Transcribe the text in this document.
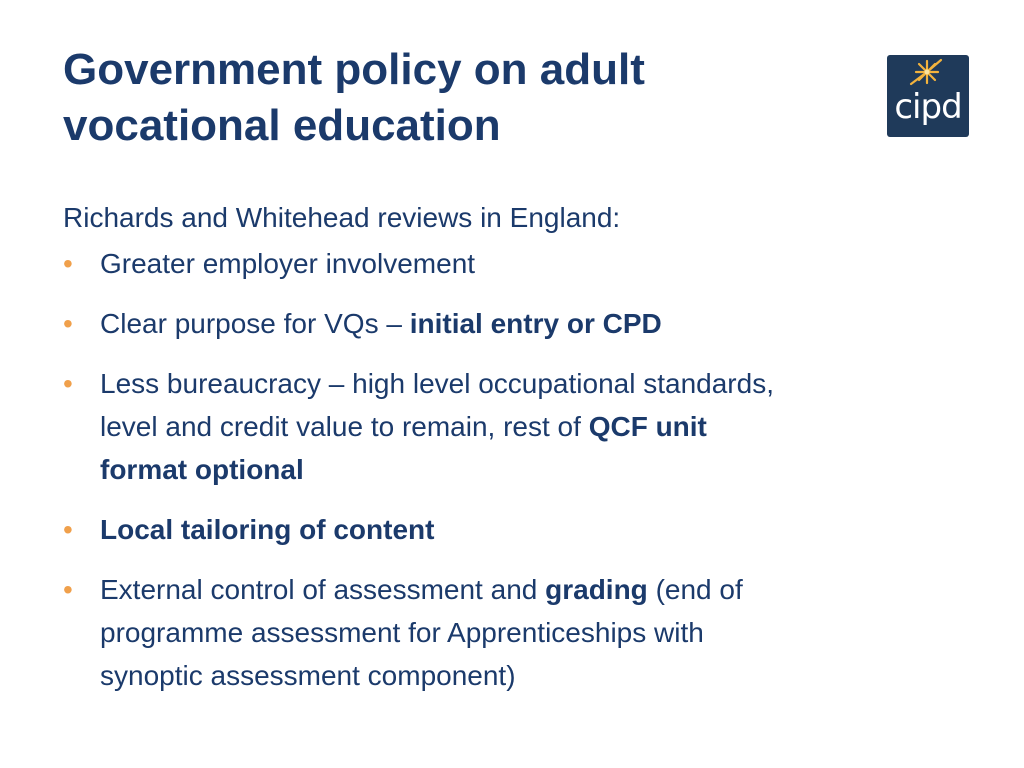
Government policy on adult
vocational education	cipd

Richards and Whitehead reviews in England:

• Greater employer involvement
• Clear purpose for VQs – initial entry or CPD
• Less bureaucracy – high level occupational standards,
level and credit value to remain, rest of QCF unit
format optional
• Local tailoring of content
• External control of assessment and grading (end of
programme assessment for Apprenticeships with
synoptic assessment component)
